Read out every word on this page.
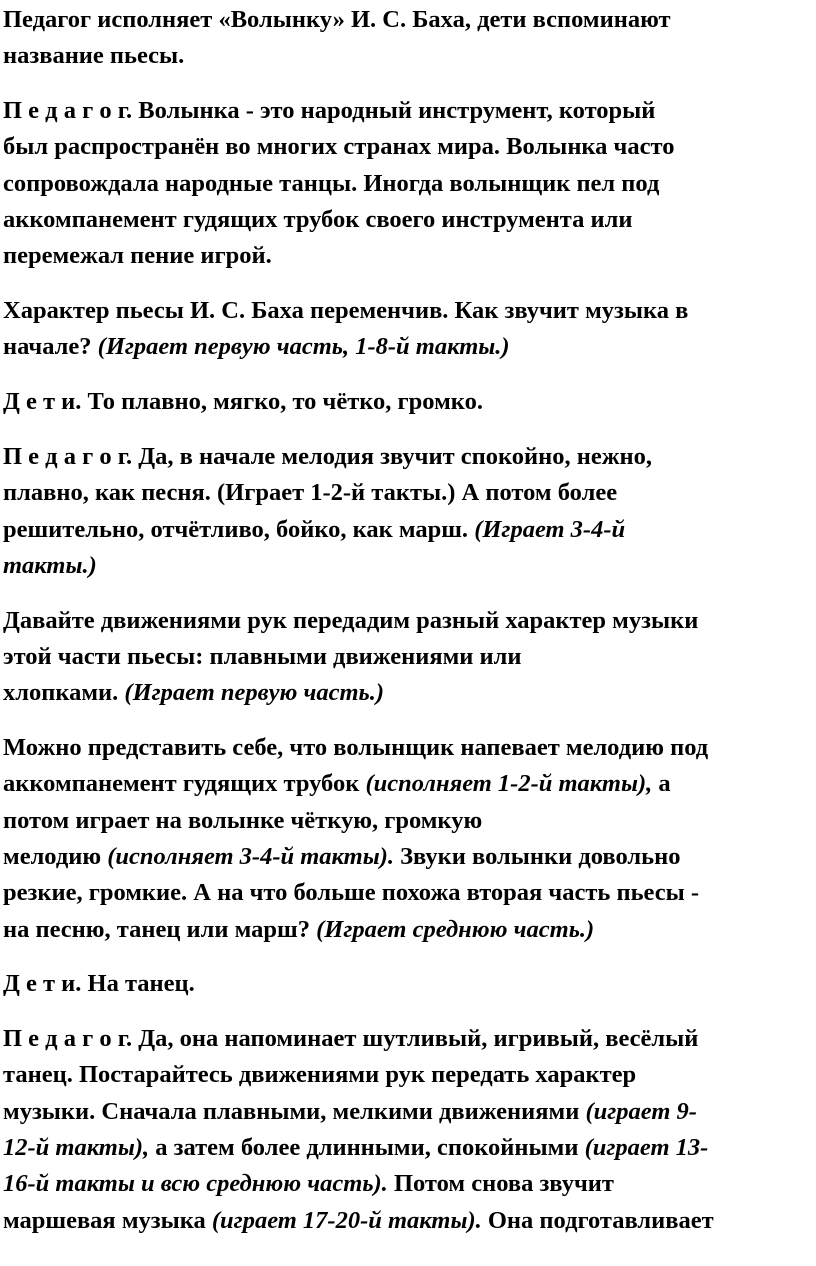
Педагог исполняет «Волынку» И. С. Баха, дети вспоминают
название пьесы.

П е д а г о г. Волынка - это народный инструмент, который
был распространён во многих странах мира. Волынка часто
сопровождала народные танцы. Иногда волынщик пел под
аккомпанемент гудящих трубок своего инструмента или
перемежал пение игрой.

Характер пьесы И. С. Баха переменчив. Как звучит музыка в
начале? (Играет первую часть, 1-8-й такты.)

Д е т и. То плавно, мягко, то чётко, громко.

П е д а г о г. Да, в начале мелодия звучит спокойно, нежно,
плавно, как песня. (Играет 1-2-й такты.) А потом более
решительно, отчётливо, бойко, как марш. (Играет 3-4-й
такты.)

Давайте движениями рук передадим разный характер музыки
этой части пьесы: плавными движениями или
хлопками. (Играет первую часть.)

Можно представить себе, что волынщик напевает мелодию под
аккомпанемент гудящих трубок (исполняет 1-2-й такты), а
потом играет на волынке чёткую, громкую
мелодию (исполняет 3-4-й такты). Звуки волынки довольно
резкие, громкие. А на что больше похожа вторая часть пьесы -
на песню, танец или марш? (Играет среднюю часть.)

Д е т и. На танец.

П е д а г о г. Да, она напоминает шутливый, игривый, весёлый
танец. Постарайтесь движениями рук передать характер
музыки. Сначала плавными, мелкими движениями (играет 9-
12-й такты), а затем более длинными, спокойными (играет 13-
16-й такты и всю среднюю часть). Потом снова звучит
маршевая музыка (играет 17-20-й такты). Она подготавливает
